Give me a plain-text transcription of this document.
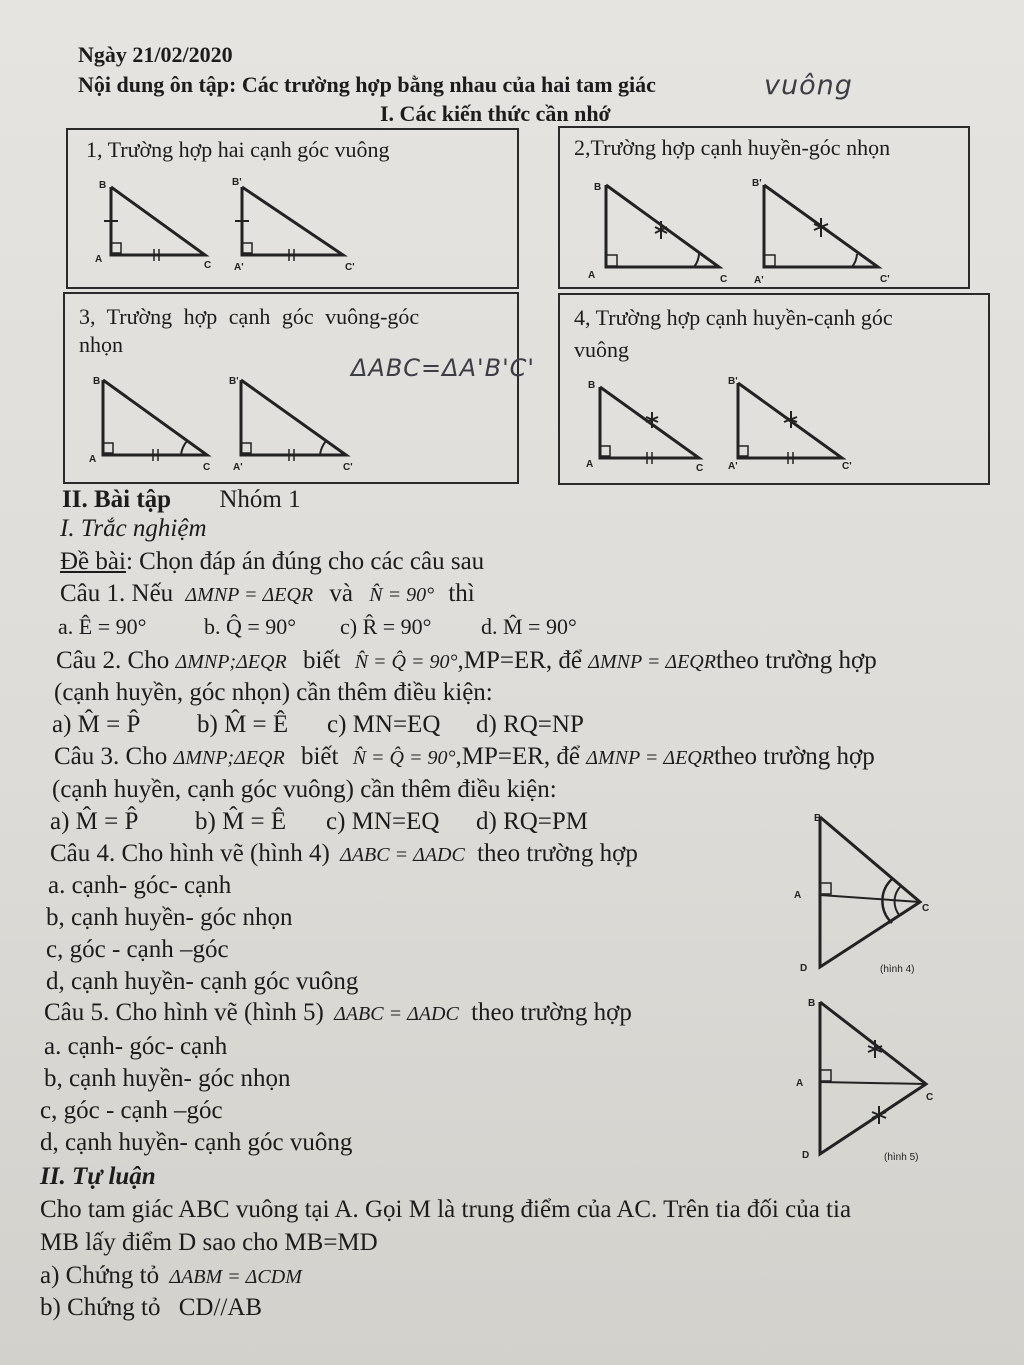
Ngày 21/02/2020
Nội dung ôn tập: Các trường hợp bằng nhau của hai tam giác	vuông
I. Các kiến thức cần nhớ
1, Trường hợp hai cạnh góc vuông
B
A
C
B'
A'	C'
2,Trường hợp cạnh huyền-góc nhọn
B
A	C
B'
A'	C'
3, Trường hợp cạnh góc vuông-góc
nhọn
ΔABC=ΔA'B'C'
B
A
C
B'
A'	C'
4, Trường hợp cạnh huyền-cạnh góc
vuông
B
A	C
B'
A'	C'
II. Bài tập Nhóm 1
I. Trắc nghiệm
Đề bài: Chọn đáp án đúng cho các câu sau
Câu 1. Nếu ΔMNP = ΔEQR và N̂ = 90° thì
a. Ê = 90°	b. Q̂ = 90° c) R̂ = 90° d. M̂ = 90°
Câu 2. Cho ΔMNP;ΔEQR biết N̂ = Q̂ = 90°,MP=ER, để ΔMNP = ΔEQRtheo trường hợp
(cạnh huyền, góc nhọn) cần thêm điều kiện:
a) M̂ = P̂ b) M̂ = Ê c) MN=EQ d) RQ=NP
Câu 3. Cho ΔMNP;ΔEQR biết N̂ = Q̂ = 90°,MP=ER, để ΔMNP = ΔEQRtheo trường hợp
(cạnh huyền, cạnh góc vuông) cần thêm điều kiện:
a) M̂ = P̂ b) M̂ = Ê c) MN=EQ d) RQ=PM
Câu 4. Cho hình vẽ (hình 4) ΔABC = ΔADC theo trường hợp
a. cạnh- góc- cạnh
b, cạnh huyền- góc nhọn
c, góc - cạnh –góc
d, cạnh huyền- cạnh góc vuông
B
A
C
D	(hình 4)
Câu 5. Cho hình vẽ (hình 5) ΔABC = ΔADC theo trường hợp
a. cạnh- góc- cạnh
b, cạnh huyền- góc nhọn
c, góc - cạnh –góc
d, cạnh huyền- cạnh góc vuông
B
A
C
D	(hình 5)
II. Tự luận
Cho tam giác ABC vuông tại A. Gọi M là trung điểm của AC. Trên tia đối của tia
MB lấy điểm D sao cho MB=MD
a) Chứng tỏ ΔABM = ΔCDM
b) Chứng tỏ CD//AB
